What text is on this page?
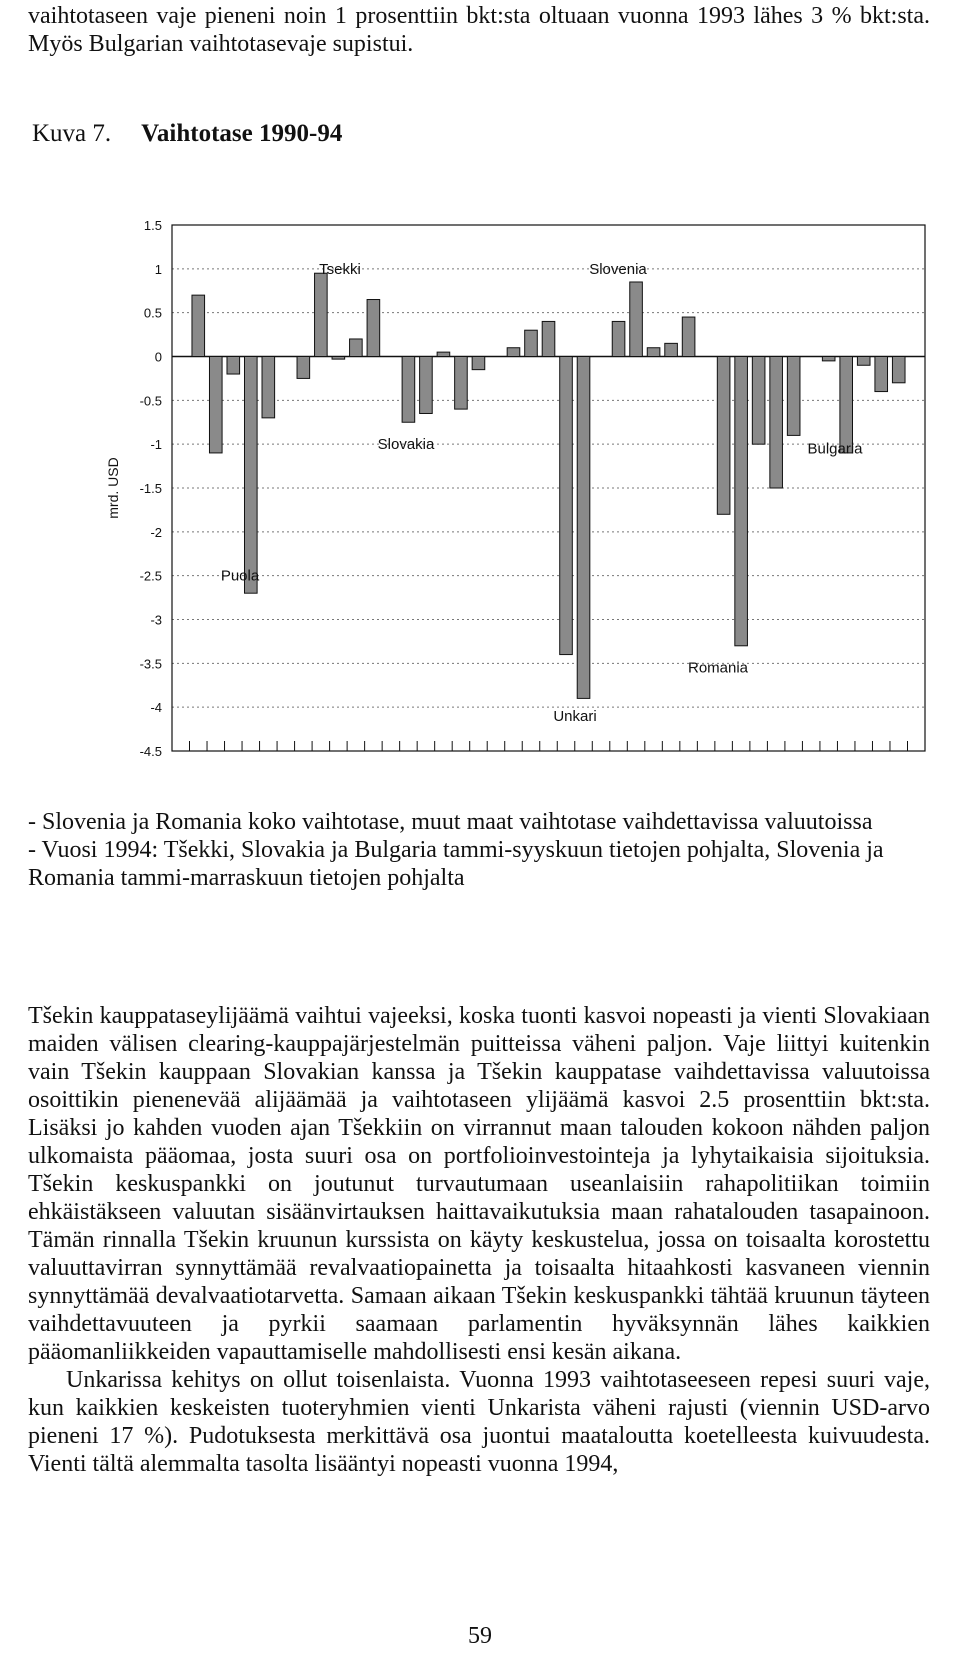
vaihtotaseen vaje pieneni noin 1 prosenttiin bkt:sta oltuaan vuonna 1993 lähes 3 % bkt:sta. Myös Bulgarian vaihtotasevaje supistui.

Kuva 7. Vaihtotase 1990-94
1.5
1
0.5
0
-0.5
-1
-1.5
-2
-2.5
-3
-3.5
-4
-4.5
mrd. USD
Tsekki	Slovenia
Slovakia	Bulgaria
Puola
Romania
Unkari
- Slovenia ja Romania koko vaihtotase, muut maat vaihtotase vaihdettavissa valuutoissa
- Vuosi 1994: Tšekki, Slovakia ja Bulgaria tammi-syyskuun tietojen pohjalta, Slovenia ja Romania tammi-marraskuun tietojen pohjalta

Tšekin kauppataseylijäämä vaihtui vajeeksi, koska tuonti kasvoi nopeasti ja vienti Slovakiaan maiden välisen clearing-kauppajärjestelmän puitteissa väheni paljon. Vaje liittyi kuitenkin vain Tšekin kauppaan Slovakian kanssa ja Tšekin kauppatase vaihdettavissa valuutoissa osoittikin pienenevää alijäämää ja vaihtotaseen ylijäämä kasvoi 2.5 prosenttiin bkt:sta. Lisäksi jo kahden vuoden ajan Tšekkiin on virrannut maan talouden kokoon nähden paljon ulkomaista pääomaa, josta suuri osa on portfolioinvestointeja ja lyhytaikaisia sijoituksia. Tšekin keskuspankki on joutunut turvautumaan useanlaisiin rahapolitiikan toimiin ehkäistäkseen valuutan sisäänvirtauksen haittavaikutuksia maan rahatalouden tasapainoon. Tämän rinnalla Tšekin kruunun kurssista on käyty keskustelua, jossa on toisaalta korostettu valuuttavirran synnyttämää revalvaatiopainetta ja toisaalta hitaahkosti kasvaneen viennin synnyttämää devalvaatiotarvetta. Samaan aikaan Tšekin keskuspankki tähtää kruunun täyteen vaihdettavuuteen ja pyrkii saamaan parlamentin hyväksynnän lähes kaikkien pääomanliikkeiden vapauttamiselle mahdollisesti ensi kesän aikana.

Unkarissa kehitys on ollut toisenlaista. Vuonna 1993 vaihtotaseeseen repesi suuri vaje, kun kaikkien keskeisten tuoteryhmien vienti Unkarista väheni rajusti (viennin USD-arvo pieneni 17 %). Pudotuksesta merkittävä osa juontui maataloutta koetelleesta kuivuudesta. Vienti tältä alemmalta tasolta lisääntyi nopeasti vuonna 1994,

59
